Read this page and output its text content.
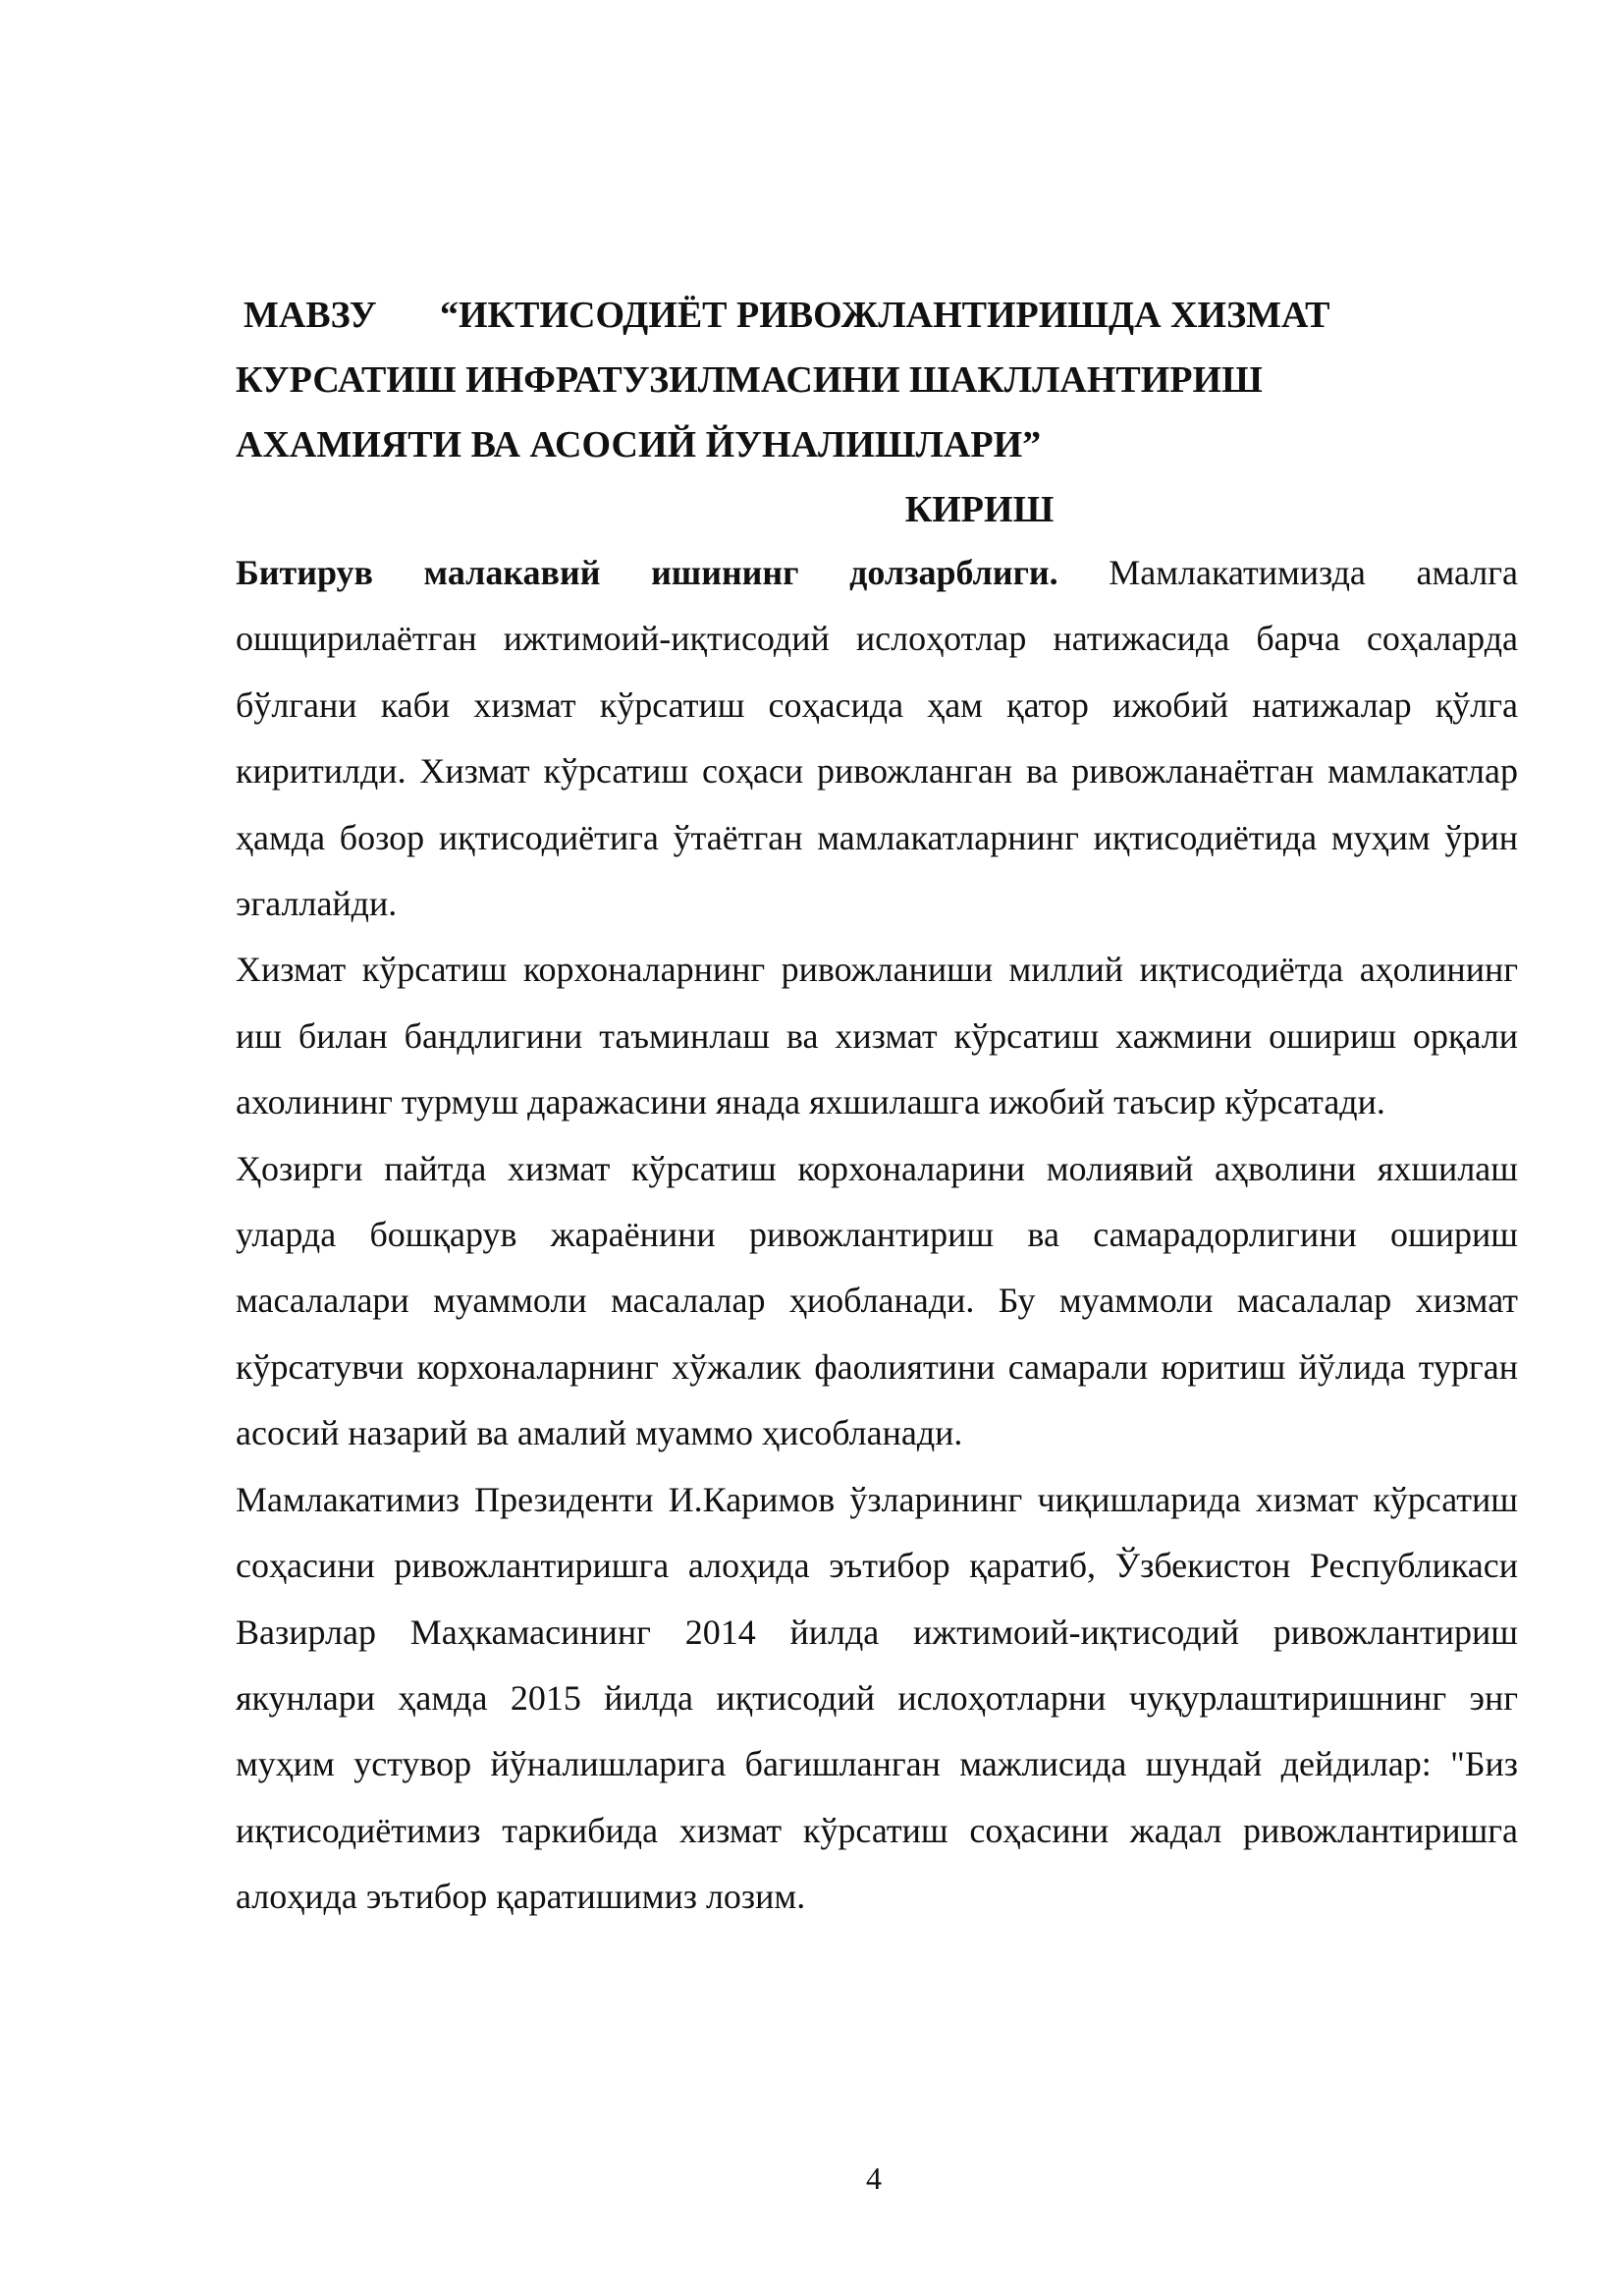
МАВЗУ “ИКТИСОДИЁТ РИВОЖЛАНТИРИШДА ХИЗМАТ
КУРСАТИШ ИНФРАТУЗИЛМАСИНИ ШАКЛЛАНТИРИШ
АХАМИЯТИ ВА АСОСИЙ ЙУНАЛИШЛАРИ”
КИРИШ

Битирув малакавий ишининг долзарблиги. Мамлакатимизда амалга ошщирилаётган ижтимоий-иқтисодий ислоҳотлар натижасида барча соҳаларда бўлгани каби хизмат кўрсатиш соҳасида ҳам қатор ижобий натижалар қўлга киритилди. Хизмат кўрсатиш соҳаси ривожланган ва ривожланаётган мамлакатлар ҳамда бозор иқтисодиётига ўтаётган мамлакатларнинг иқтисодиётида муҳим ўрин эгаллайди.

Хизмат кўрсатиш корхоналарнинг ривожланиши миллий иқтисодиётда аҳолининг иш билан бандлигини таъминлаш ва хизмат кўрсатиш хажмини ошириш орқали ахолининг турмуш даражасини янада яхшилашга ижобий таъсир кўрсатади.

Ҳозирги пайтда хизмат кўрсатиш корхоналарини молиявий аҳволини яхшилаш уларда бошқарув жараёнини ривожлантириш ва самарадорлигини ошириш масалалари муаммоли масалалар ҳиобланади. Бу муаммоли масалалар хизмат кўрсатувчи корхоналарнинг хўжалик фаолиятини самарали юритиш йўлида турган асосий назарий ва амалий муаммо ҳисобланади.

Мамлакатимиз Президенти И.Каримов ўзларининг чиқишларида хизмат кўрсатиш соҳасини ривожлантиришга алоҳида эътибор қаратиб, Ўзбекистон Республикаси Вазирлар Маҳкамасининг 2014 йилда ижтимоий-иқтисодий ривожлантириш якунлари ҳамда 2015 йилда иқтисодий ислоҳотларни чуқурлаштиришнинг энг муҳим устувор йўналишларига багишланган мажлисида шундай дейдилар: "Биз иқтисодиётимиз таркибида хизмат кўрсатиш соҳасини жадал ривожлантиришга алоҳида эътибор қаратишимиз лозим.

4
